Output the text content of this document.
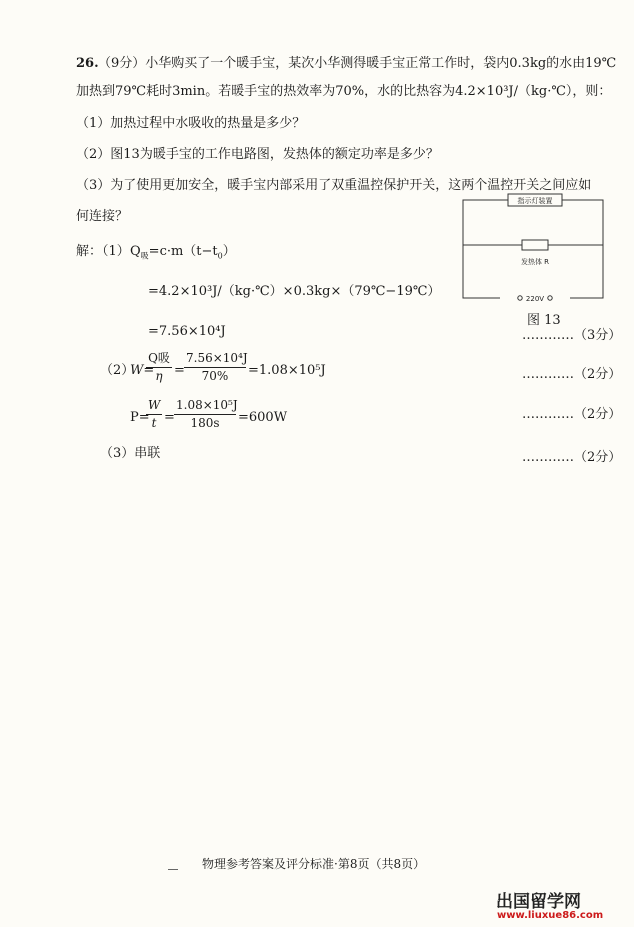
26. （9分）小华购买了一个暖手宝，某次小华测得暖手宝正常工作时，袋内0.3kg的水由19℃
加热到79℃耗时3min。若暖手宝的热效率为70%，水的比热容为4.2×10³J/（kg·℃），则：
（1）加热过程中水吸收的热量是多少？
（2）图13为暖手宝的工作电路图，发热体的额定功率是多少？
（3）为了使用更加安全，暖手宝内部采用了双重温控保护开关，这两个温控开关之间应如
何连接？
指示灯装置
发热体 R
220V
图 13
解：（1） $Q_吸=c\cdot m(t-t_0)$
=4.2×10³J/（kg·℃）×0.3kg×（79℃−19℃）
=7.56×10⁴J	…………（3分）
（2）
W=
Q吸
$\eta = \frac{\text{7.56×10⁴J}}{70\%} =1.08\times 10^5J$	…………（2分）
P=
$\frac{W}{t} = \frac{\text{1.08×10⁵J}}{180s} =600W$	…………（2分）
（3）串联	…………（2分）
物理参考答案及评分标准·第8页（共8页）
出国留学网
www.liuxue86.com
